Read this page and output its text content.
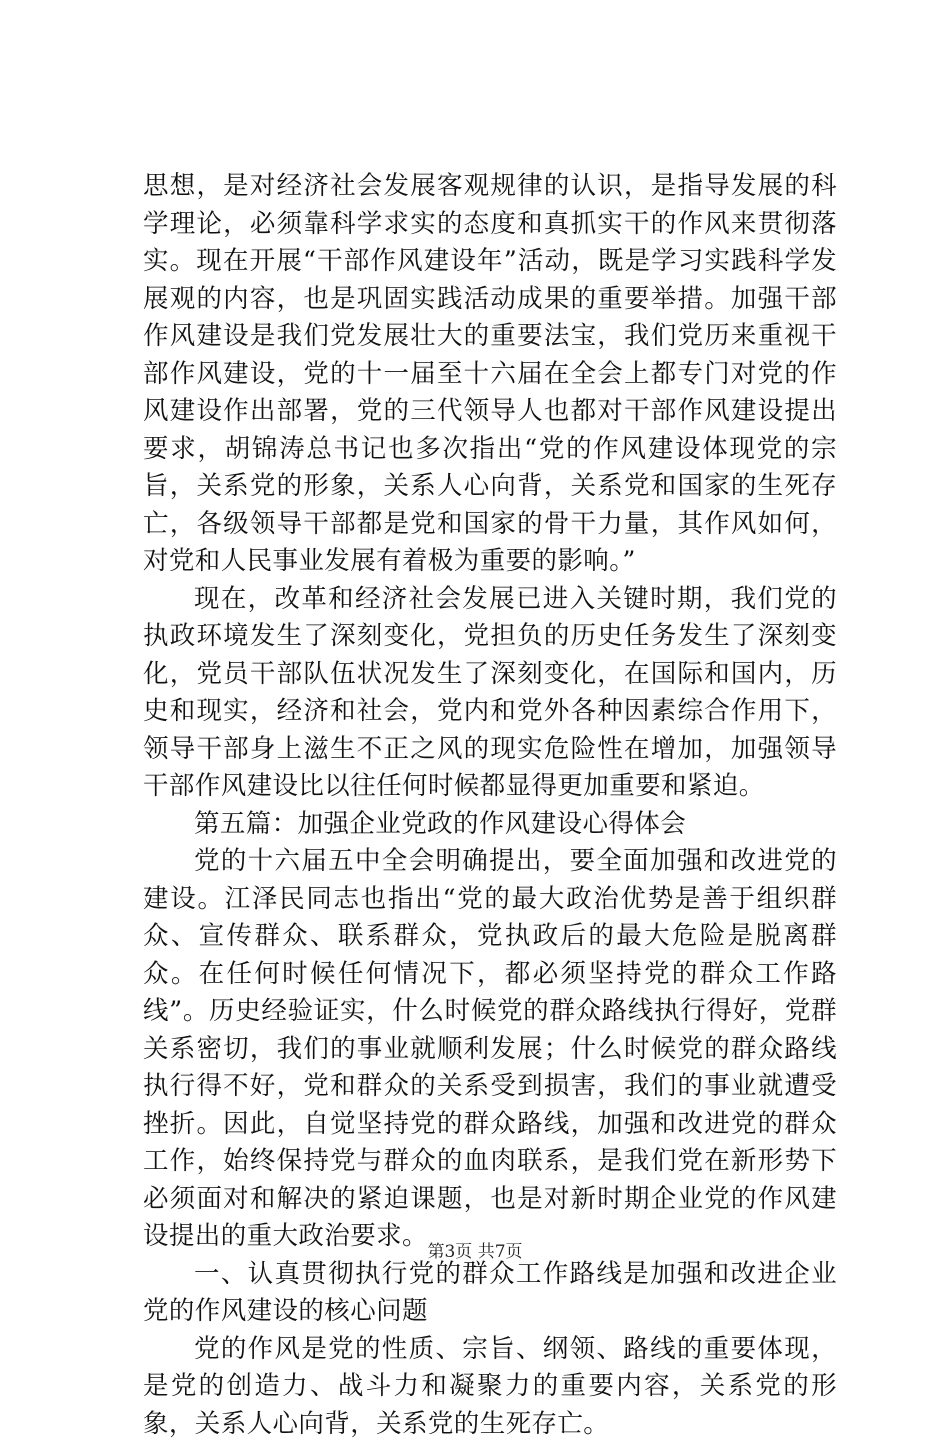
思想，是对经济社会发展客观规律的认识，是指导发展的科学理论，必须靠科学求实的态度和真抓实干的作风来贯彻落实。现在开展“干部作风建设年”活动，既是学习实践科学发展观的内容，也是巩固实践活动成果的重要举措。加强干部作风建设是我们党发展壮大的重要法宝，我们党历来重视干部作风建设，党的十一届至十六届在全会上都专门对党的作风建设作出部署，党的三代领导人也都对干部作风建设提出要求，胡锦涛总书记也多次指出“党的作风建设体现党的宗旨，关系党的形象，关系人心向背，关系党和国家的生死存亡，各级领导干部都是党和国家的骨干力量，其作风如何，对党和人民事业发展有着极为重要的影响。”

现在，改革和经济社会发展已进入关键时期，我们党的执政环境发生了深刻变化，党担负的历史任务发生了深刻变化，党员干部队伍状况发生了深刻变化，在国际和国内，历史和现实，经济和社会，党内和党外各种因素综合作用下，领导干部身上滋生不正之风的现实危险性在增加，加强领导干部作风建设比以往任何时候都显得更加重要和紧迫。

第五篇：加强企业党政的作风建设心得体会

党的十六届五中全会明确提出，要全面加强和改进党的建设。江泽民同志也指出“党的最大政治优势是善于组织群众、宣传群众、联系群众，党执政后的最大危险是脱离群众。在任何时候任何情况下，都必须坚持党的群众工作路线”。历史经验证实，什么时候党的群众路线执行得好，党群关系密切，我们的事业就顺利发展；什么时候党的群众路线执行得不好，党和群众的关系受到损害，我们的事业就遭受挫折。因此，自觉坚持党的群众路线，加强和改进党的群众工作，始终保持党与群众的血肉联系，是我们党在新形势下必须面对和解决的紧迫课题，也是对新时期企业党的作风建设提出的重大政治要求。

一、认真贯彻执行党的群众工作路线是加强和改进企业党的作风建设的核心问题

党的作风是党的性质、宗旨、纲领、路线的重要体现，是党的创造力、战斗力和凝聚力的重要内容，关系党的形象，关系人心向背，关系党的生死存亡。

第3页 共7页
